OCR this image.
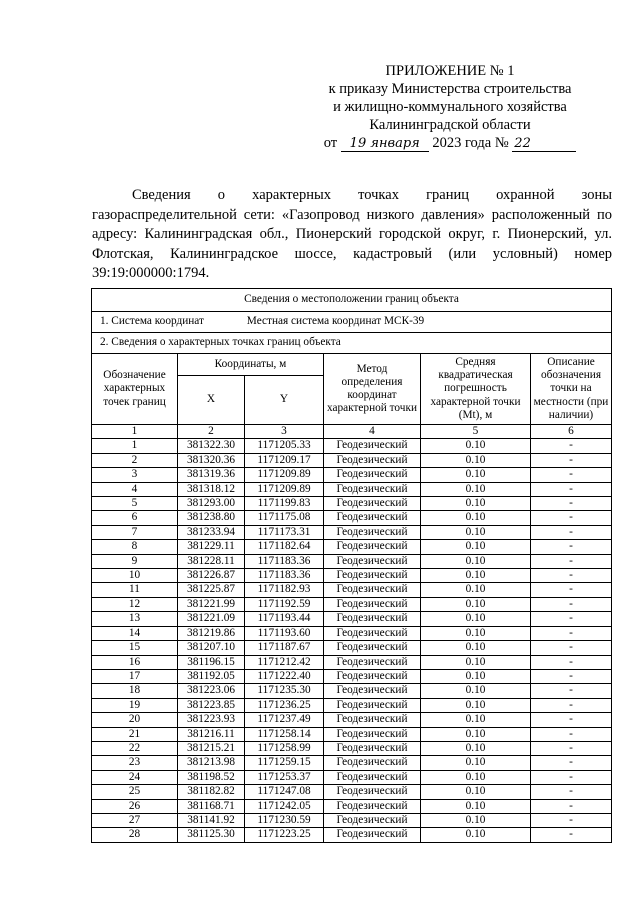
ПРИЛОЖЕНИЕ № 1
к приказу Министерства строительства
и жилищно-коммунального хозяйства
Калининградской области
от 19 января 2023 года № 22

Сведения о характерных точках границ охранной зоны газораспределительной сети: «Газопровод низкого давления» расположенный по адресу: Калининградская обл., Пионерский городской округ, г. Пионерский, ул. Флотская, Калининградское шоссе, кадастровый (или условный) номер 39:19:000000:1794.

Сведения о местоположении границ объекта					
1. Система координат Местная система координат МСК-39					
2. Сведения о характерных точках границ объекта					
Обозначение характерных точек границ	Координаты, м		Метод определения координат характерной точки	Средняя квадратическая погрешность характерной точки (Mt), м	Описание обозначения точки на местности (при наличии)
	X	Y			
1	2	3	4	5	6
1	381322.30	1171205.33	Геодезический	0.10	-
2	381320.36	1171209.17	Геодезический	0.10	-
3	381319.36	1171209.89	Геодезический	0.10	-
4	381318.12	1171209.89	Геодезический	0.10	-
5	381293.00	1171199.83	Геодезический	0.10	-
6	381238.80	1171175.08	Геодезический	0.10	-
7	381233.94	1171173.31	Геодезический	0.10	-
8	381229.11	1171182.64	Геодезический	0.10	-
9	381228.11	1171183.36	Геодезический	0.10	-
10	381226.87	1171183.36	Геодезический	0.10	-
11	381225.87	1171182.93	Геодезический	0.10	-
12	381221.99	1171192.59	Геодезический	0.10	-
13	381221.09	1171193.44	Геодезический	0.10	-
14	381219.86	1171193.60	Геодезический	0.10	-
15	381207.10	1171187.67	Геодезический	0.10	-
16	381196.15	1171212.42	Геодезический	0.10	-
17	381192.05	1171222.40	Геодезический	0.10	-
18	381223.06	1171235.30	Геодезический	0.10	-
19	381223.85	1171236.25	Геодезический	0.10	-
20	381223.93	1171237.49	Геодезический	0.10	-
21	381216.11	1171258.14	Геодезический	0.10	-
22	381215.21	1171258.99	Геодезический	0.10	-
23	381213.98	1171259.15	Геодезический	0.10	-
24	381198.52	1171253.37	Геодезический	0.10	-
25	381182.82	1171247.08	Геодезический	0.10	-
26	381168.71	1171242.05	Геодезический	0.10	-
27	381141.92	1171230.59	Геодезический	0.10	-
28	381125.30	1171223.25	Геодезический	0.10	-
